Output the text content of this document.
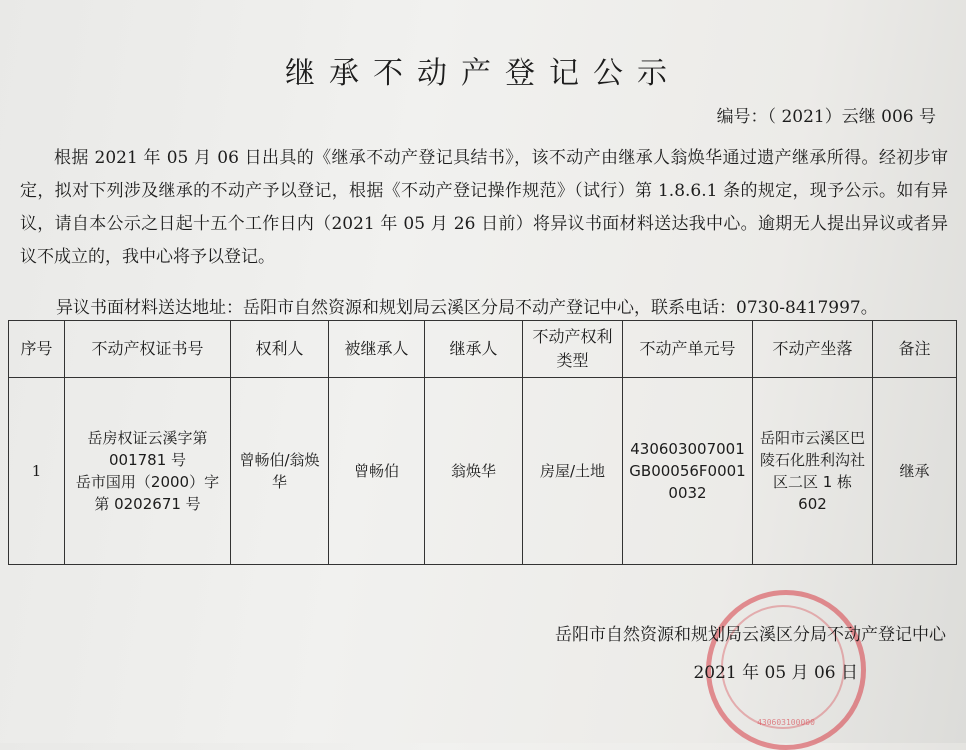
继承不动产登记公示
编号：（ 2021）云继 006 号
根据 2021 年 05 月 06 日出具的《继承不动产登记具结书》，该不动产由继承人翁焕华通过遗产继承所得。经初步审定，拟对下列涉及继承的不动产予以登记，根据《不动产登记操作规范》（试行）第 1.8.6.1 条的规定，现予公示。如有异议，请自本公示之日起十五个工作日内（2021 年 05 月 26 日前）将异议书面材料送达我中心。逾期无人提出异议或者异议不成立的，我中心将予以登记。
异议书面材料送达地址：岳阳市自然资源和规划局云溪区分局不动产登记中心，联系电话：0730-8417997。
序号	不动产权证书号	权利人	被继承人	继承人	不动产权利类型	不动产单元号	不动产坐落	备注
1	岳房权证云溪字第 001781 号
岳市国用（2000）字第 0202671 号	曾畅伯/翁焕华	曾畅伯	翁焕华	房屋/土地	430603007001GB00056F00010032	岳阳市云溪区巴陵石化胜利沟社区二区 1 栋 602	继承
430603100000
岳阳市自然资源和规划局云溪区分局不动产登记中心
2021 年 05 月 06 日
